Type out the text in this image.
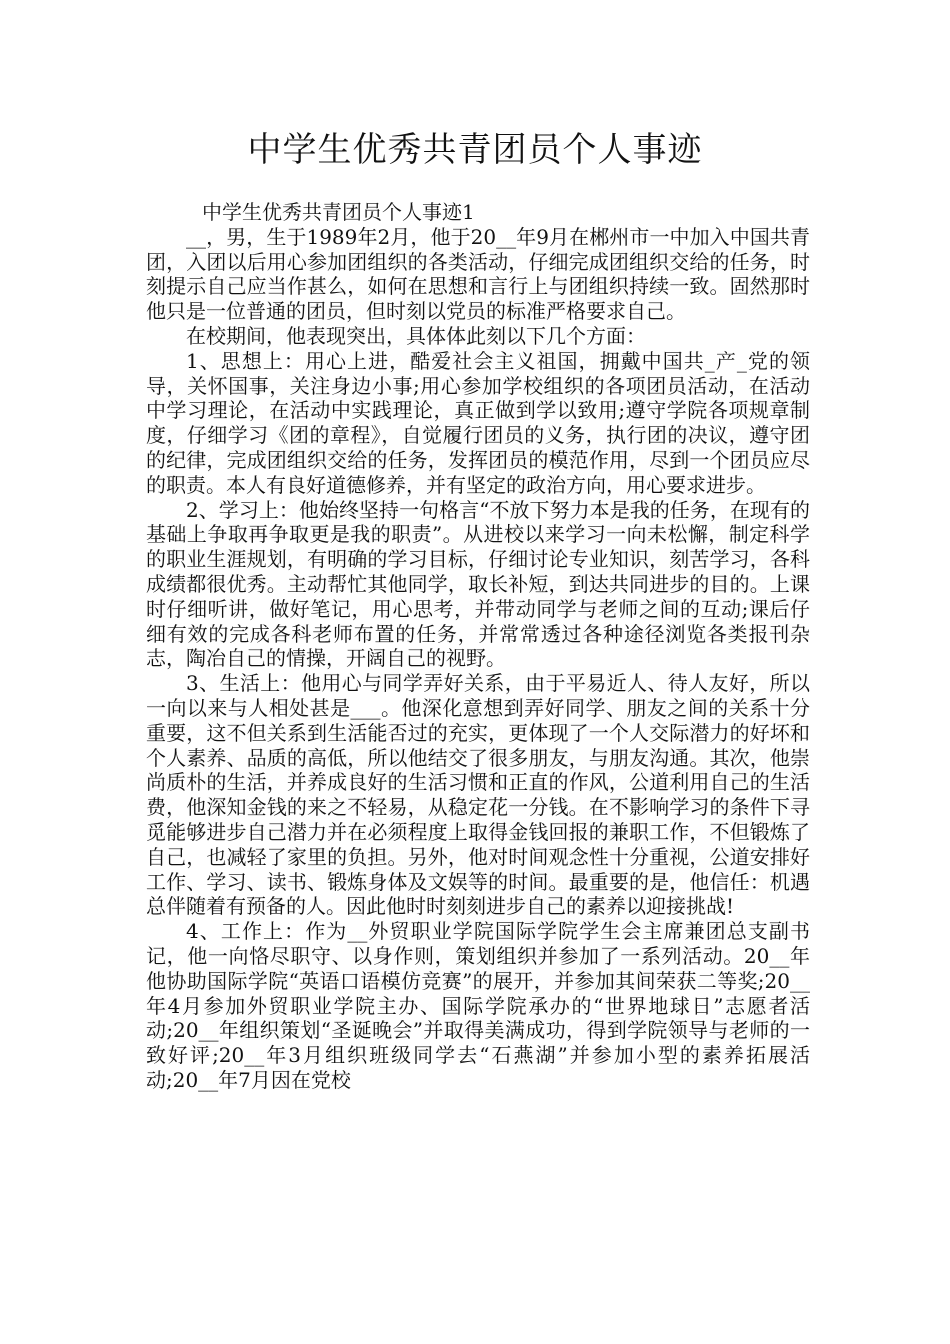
中学生优秀共青团员个人事迹

中学生优秀共青团员个人事迹1

__，男，生于1989年2月，他于20__年9月在郴州市一中加入中国共青团，入团以后用心参加团组织的各类活动，仔细完成团组织交给的任务，时刻提示自己应当作甚么，如何在思想和言行上与团组织持续一致。固然那时他只是一位普通的团员，但时刻以党员的标准严格要求自己。

在校期间，他表现突出，具体体此刻以下几个方面：

1、思想上：用心上进，酷爱社会主义祖国，拥戴中国共_产_党的领导，关怀国事，关注身边小事;用心参加学校组织的各项团员活动，在活动中学习理论，在活动中实践理论，真正做到学以致用;遵守学院各项规章制度，仔细学习《团的章程》，自觉履行团员的义务，执行团的决议，遵守团的纪律，完成团组织交给的任务，发挥团员的模范作用，尽到一个团员应尽的职责。本人有良好道德修养，并有坚定的政治方向，用心要求进步。

2、学习上：他始终坚持一句格言“不放下努力本是我的任务，在现有的基础上争取再争取更是我的职责”。从进校以来学习一向未松懈，制定科学的职业生涯规划，有明确的学习目标，仔细讨论专业知识，刻苦学习，各科成绩都很优秀。主动帮忙其他同学，取长补短，到达共同进步的目的。上课时仔细听讲，做好笔记，用心思考，并带动同学与老师之间的互动;课后仔细有效的完成各科老师布置的任务，并常常透过各种途径浏览各类报刊杂志，陶冶自己的情操，开阔自己的视野。

3、生活上：他用心与同学弄好关系，由于平易近人、待人友好，所以一向以来与人相处甚是___。他深化意想到弄好同学、朋友之间的关系十分重要，这不但关系到生活能否过的充实，更体现了一个人交际潜力的好坏和个人素养、品质的高低，所以他结交了很多朋友，与朋友沟通。其次，他崇尚质朴的生活，并养成良好的生活习惯和正直的作风，公道利用自己的生活费，他深知金钱的来之不轻易，从稳定花一分钱。在不影响学习的条件下寻觅能够进步自己潜力并在必须程度上取得金钱回报的兼职工作，不但锻炼了自己，也减轻了家里的负担。另外，他对时间观念性十分重视，公道安排好工作、学习、读书、锻炼身体及文娱等的时间。最重要的是，他信任：机遇总伴随着有预备的人。因此他时时刻刻进步自己的素养以迎接挑战!

4、工作上：作为__外贸职业学院国际学院学生会主席兼团总支副书记，他一向恪尽职守、以身作则，策划组织并参加了一系列活动。20__年他协助国际学院“英语口语模仿竞赛”的展开，并参加其间荣获二等奖;20__年4月参加外贸职业学院主办、国际学院承办的“世界地球日”志愿者活动;20__年组织策划“圣诞晚会”并取得美满成功，得到学院领导与老师的一致好评;20__年3月组织班级同学去“石燕湖”并参加小型的素养拓展活动;20__年7月因在党校
